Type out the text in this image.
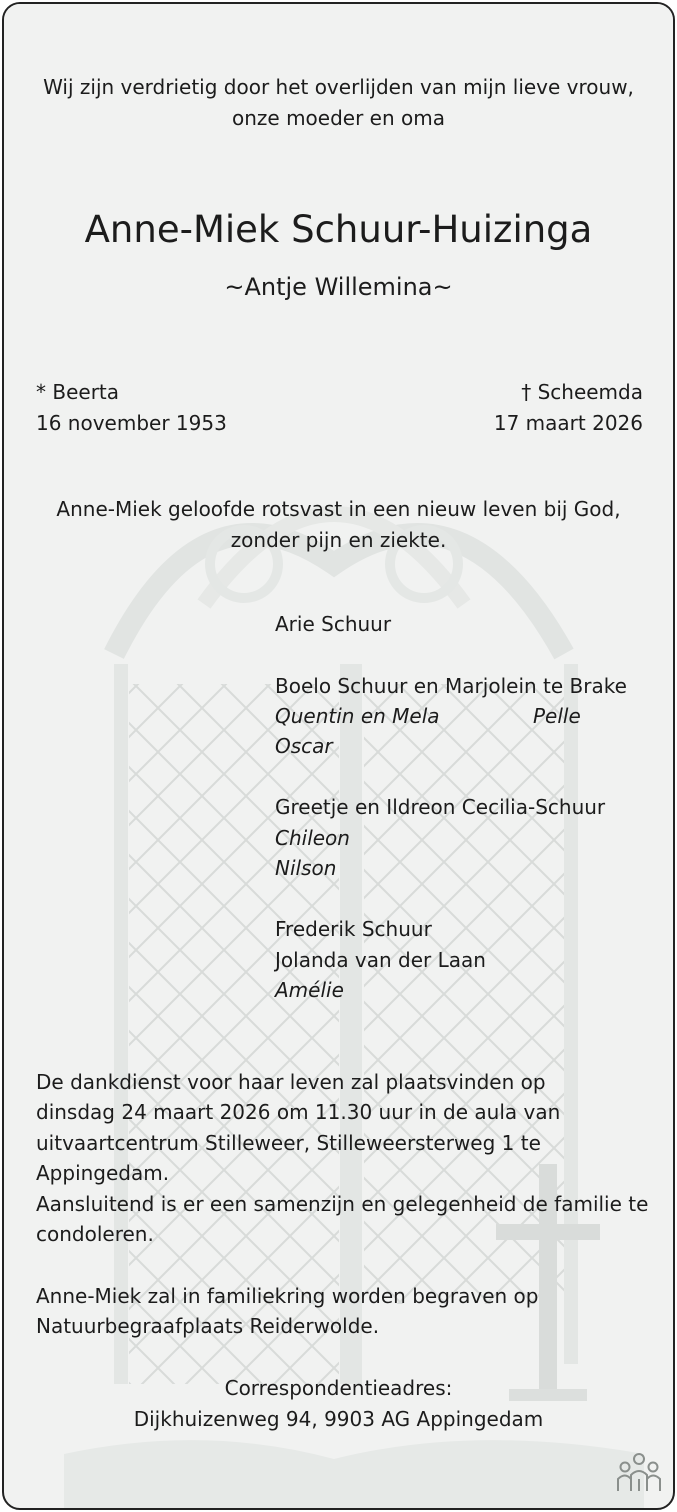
Wij zijn verdrietig door het overlijden van mijn lieve vrouw,
onze moeder en oma
Anne-Miek Schuur-Huizinga
~Antje Willemina~
* Beerta
16 november 1953
† Scheemda
17 maart 2026
Anne-Miek geloofde rotsvast in een nieuw leven bij God,
zonder pijn en ziekte.
Arie Schuur
Boelo Schuur en Marjolein te Brake
Quentin en Mela	Pelle
Oscar
Greetje en Ildreon Cecilia-Schuur
Chileon
Nilson
Frederik Schuur
Jolanda van der Laan
Amélie
De dankdienst voor haar leven zal plaatsvinden op
dinsdag 24 maart 2026 om 11.30 uur in de aula van
uitvaartcentrum Stilleweer, Stilleweersterweg 1 te
Appingedam.
Aansluitend is er een samenzijn en gelegenheid de familie te
condoleren.
Anne-Miek zal in familiekring worden begraven op
Natuurbegraafplaats Reiderwolde.
Correspondentieadres:
Dijkhuizenweg 94, 9903 AG Appingedam
